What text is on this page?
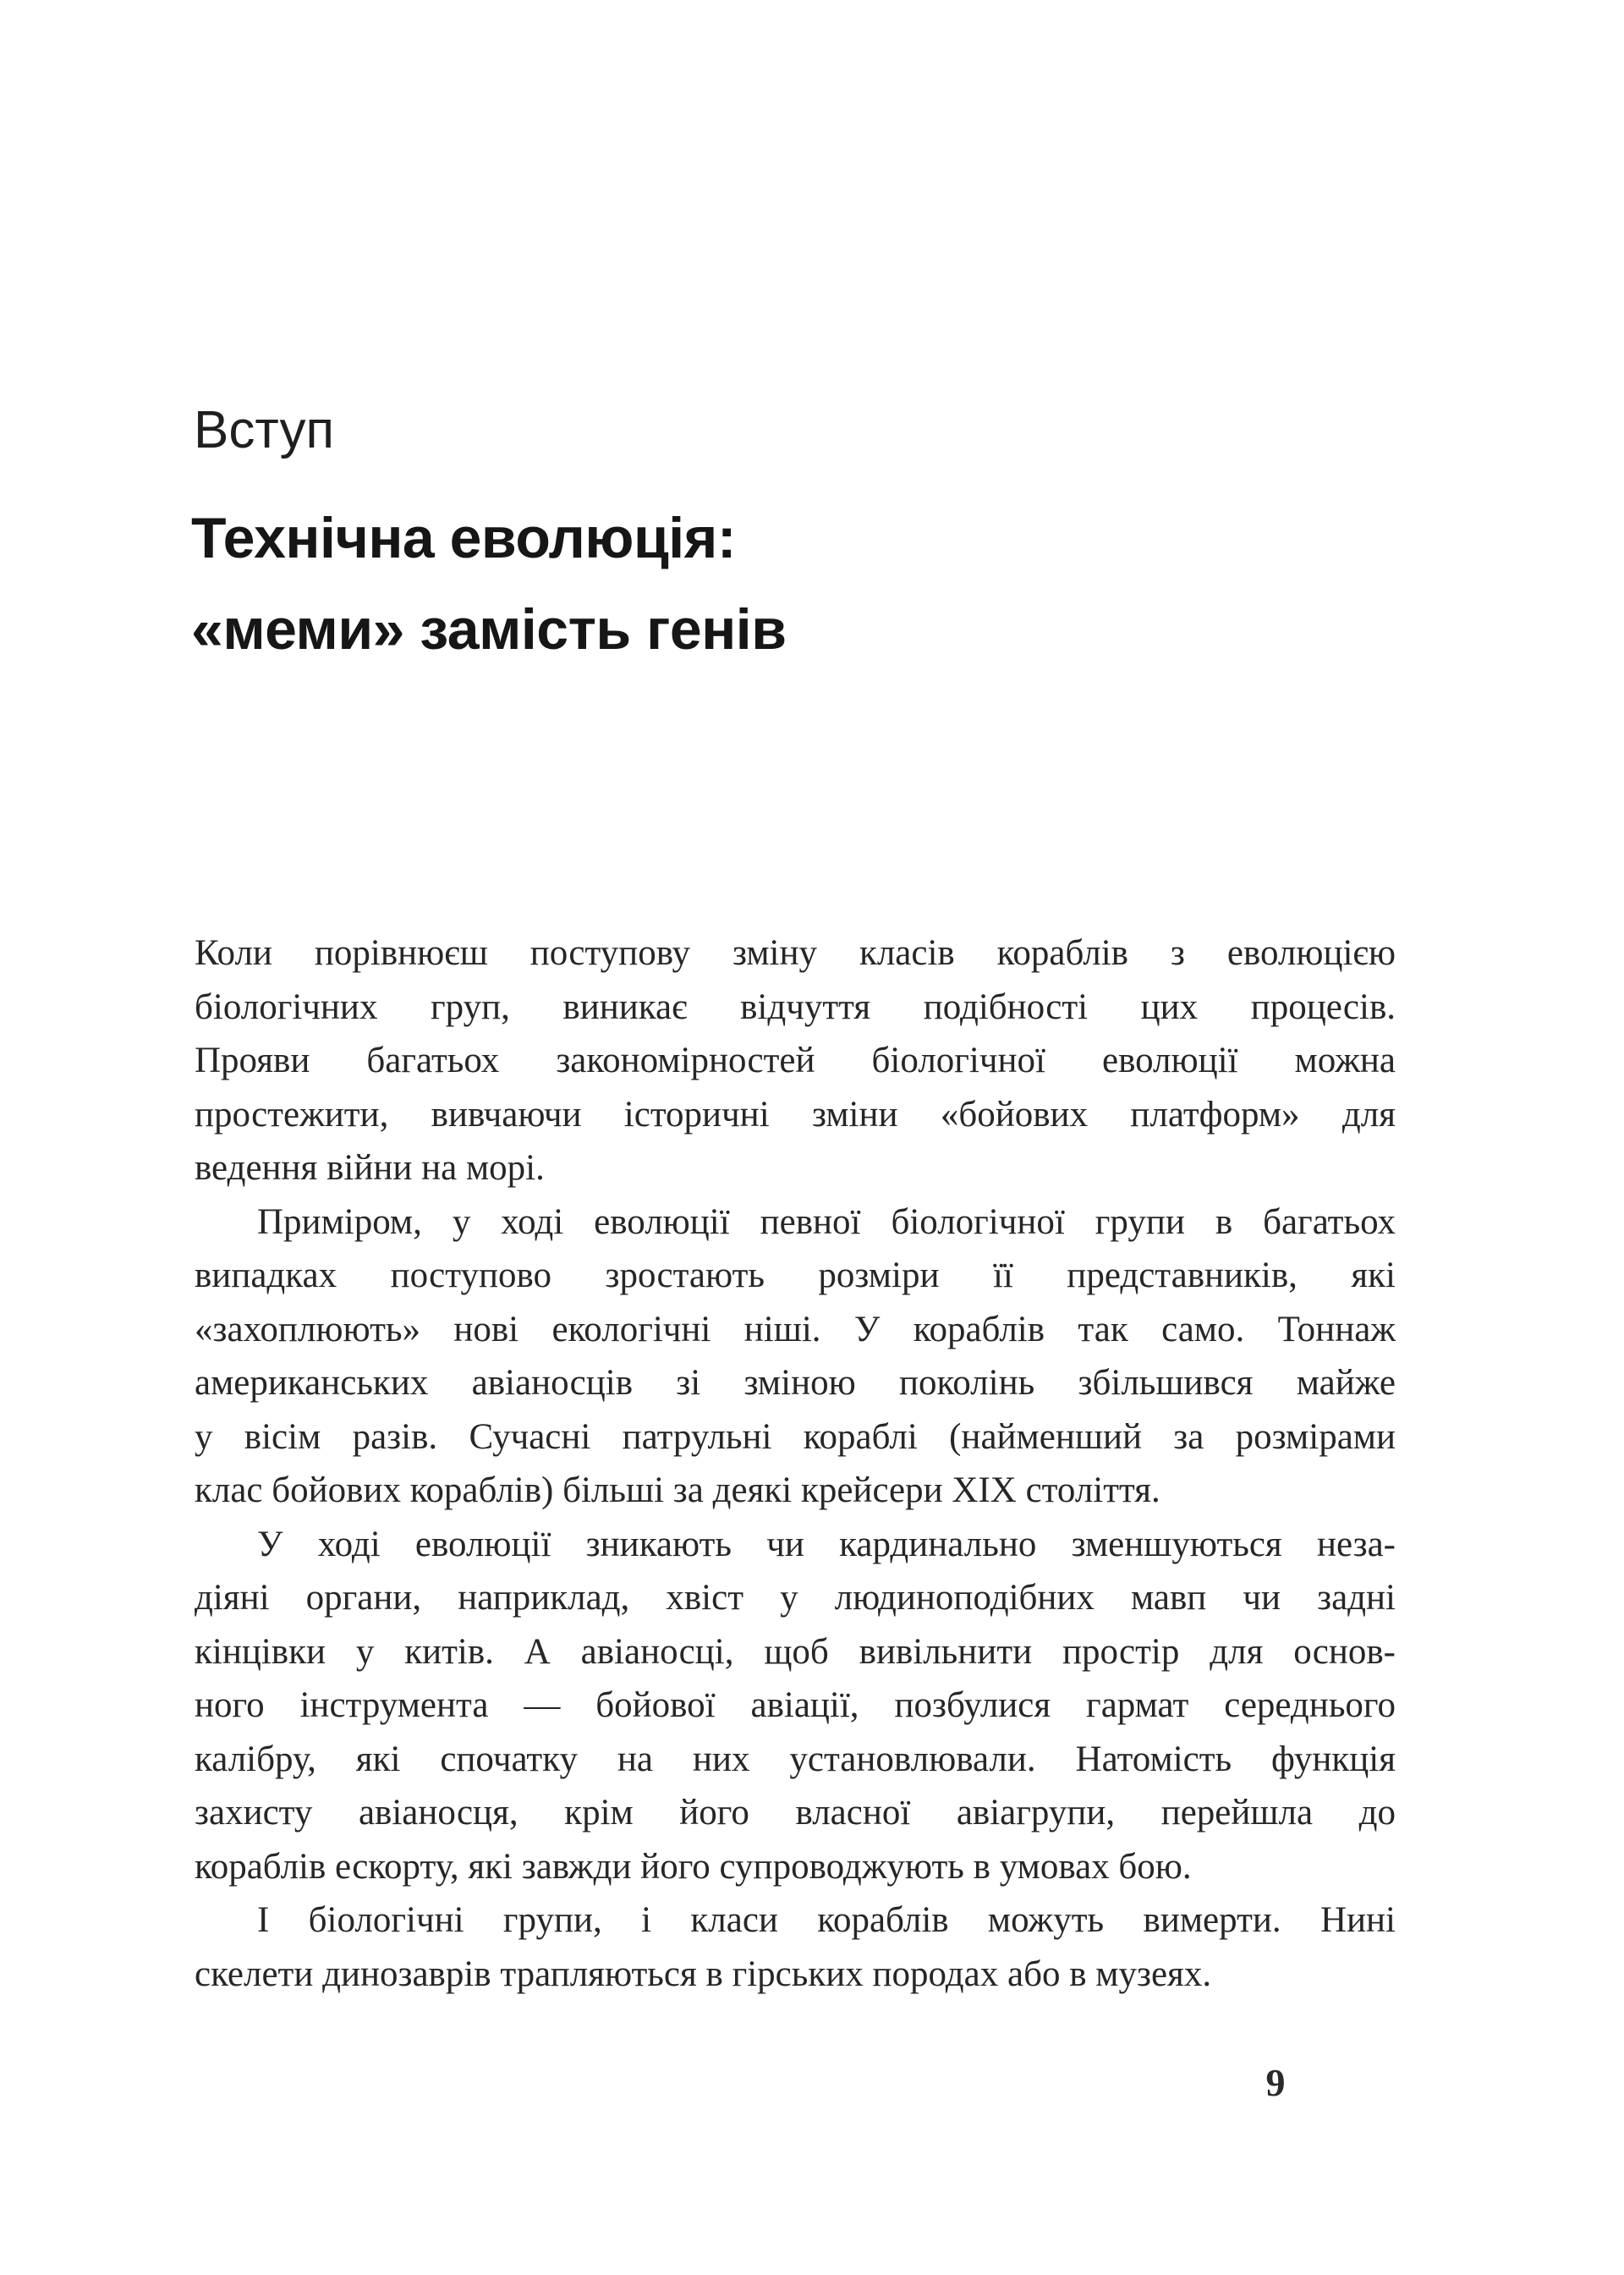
Вступ
Технічна еволюція:
«меми» замість генів
Коли порівнюєш поступову зміну класів кораблів з еволюцією
біологічних груп, виникає відчуття подібності цих процесів.
Прояви багатьох закономірностей біологічної еволюції можна
простежити, вивчаючи історичні зміни «бойових платформ» для
ведення війни на морі.
Приміром, у ході еволюції певної біологічної групи в багатьох
випадках поступово зростають розміри її представників, які
«захоплюють» нові екологічні ніші. У кораблів так само. Тоннаж
американських авіаносців зі зміною поколінь збільшився майже
у вісім разів. Сучасні патрульні кораблі (найменший за розмірами
клас бойових кораблів) більші за деякі крейсери XIX століття.
У ході еволюції зникають чи кардинально зменшуються неза-
діяні органи, наприклад, хвіст у людиноподібних мавп чи задні
кінцівки у китів. А авіаносці, щоб вивільнити простір для основ-
ного інструмента — бойової авіації, позбулися гармат середнього
калібру, які спочатку на них установлювали. Натомість функція
захисту авіаносця, крім його власної авіагрупи, перейшла до
кораблів ескорту, які завжди його супроводжують в умовах бою.
І біологічні групи, і класи кораблів можуть вимерти. Нині
скелети динозаврів трапляються в гірських породах або в музеях.
9
